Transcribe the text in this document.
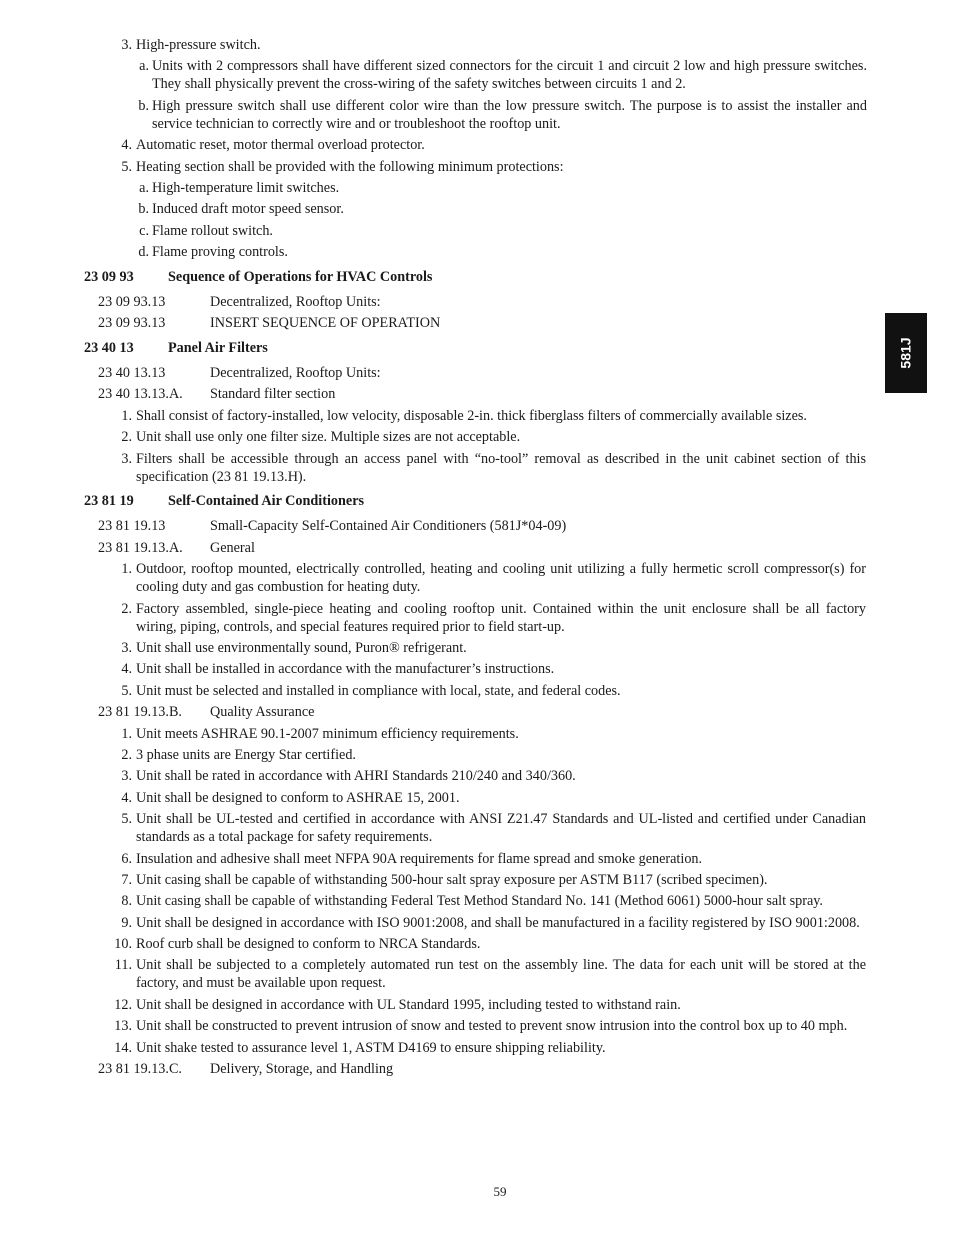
3. High‑pressure switch.
a. Units with 2 compressors shall have different sized connectors for the circuit 1 and circuit 2 low and high pressure switches. They shall physically prevent the cross‑wiring of the safety switches between circuits 1 and 2.
b. High pressure switch shall use different color wire than the low pressure switch. The purpose is to assist the installer and service technician to correctly wire and or troubleshoot the rooftop unit.
4. Automatic reset, motor thermal overload protector.
5. Heating section shall be provided with the following minimum protections:
a. High‑temperature limit switches.
b. Induced draft motor speed sensor.
c. Flame rollout switch.
d. Flame proving controls.
23 09 93	Sequence of Operations for HVAC Controls
23 09 93.13	Decentralized, Rooftop Units:
23 09 93.13	INSERT SEQUENCE OF OPERATION
23 40 13	Panel Air Filters
23 40 13.13	Decentralized, Rooftop Units:
23 40 13.13.A.	Standard filter section
1. Shall consist of factory‑installed, low velocity, disposable 2‑in. thick fiberglass filters of commercially available sizes.
2. Unit shall use only one filter size. Multiple sizes are not acceptable.
3. Filters shall be accessible through an access panel with “no‑tool” removal as described in the unit cabinet section of this specification (23 81 19.13.H).
23 81 19	Self‑Contained Air Conditioners
23 81 19.13	Small‑Capacity Self‑Contained Air Conditioners (581J*04‑09)
23 81 19.13.A.	General
1. Outdoor, rooftop mounted, electrically controlled, heating and cooling unit utilizing a fully hermetic scroll compressor(s) for cooling duty and gas combustion for heating duty.
2. Factory assembled, single‑piece heating and cooling rooftop unit. Contained within the unit enclosure shall be all factory wiring, piping, controls, and special features required prior to field start‑up.
3. Unit shall use environmentally sound, Puron® refrigerant.
4. Unit shall be installed in accordance with the manufacturer’s instructions.
5. Unit must be selected and installed in compliance with local, state, and federal codes.
23 81 19.13.B.	Quality Assurance
1. Unit meets ASHRAE 90.1‑2007 minimum efficiency requirements.
2. 3 phase units are Energy Star certified.
3. Unit shall be rated in accordance with AHRI Standards 210/240 and 340/360.
4. Unit shall be designed to conform to ASHRAE 15, 2001.
5. Unit shall be UL‑tested and certified in accordance with ANSI Z21.47 Standards and UL‑listed and certified under Canadian standards as a total package for safety requirements.
6. Insulation and adhesive shall meet NFPA 90A requirements for flame spread and smoke generation.
7. Unit casing shall be capable of withstanding 500‑hour salt spray exposure per ASTM B117 (scribed specimen).
8. Unit casing shall be capable of withstanding Federal Test Method Standard No. 141 (Method 6061) 5000‑hour salt spray.
9. Unit shall be designed in accordance with ISO 9001:2008, and shall be manufactured in a facility registered by ISO 9001:2008.
10. Roof curb shall be designed to conform to NRCA Standards.
11. Unit shall be subjected to a completely automated run test on the assembly line. The data for each unit will be stored at the factory, and must be available upon request.
12. Unit shall be designed in accordance with UL Standard 1995, including tested to withstand rain.
13. Unit shall be constructed to prevent intrusion of snow and tested to prevent snow intrusion into the control box up to 40 mph.
14. Unit shake tested to assurance level 1, ASTM D4169 to ensure shipping reliability.
23 81 19.13.C.	Delivery, Storage, and Handling
581J
59
